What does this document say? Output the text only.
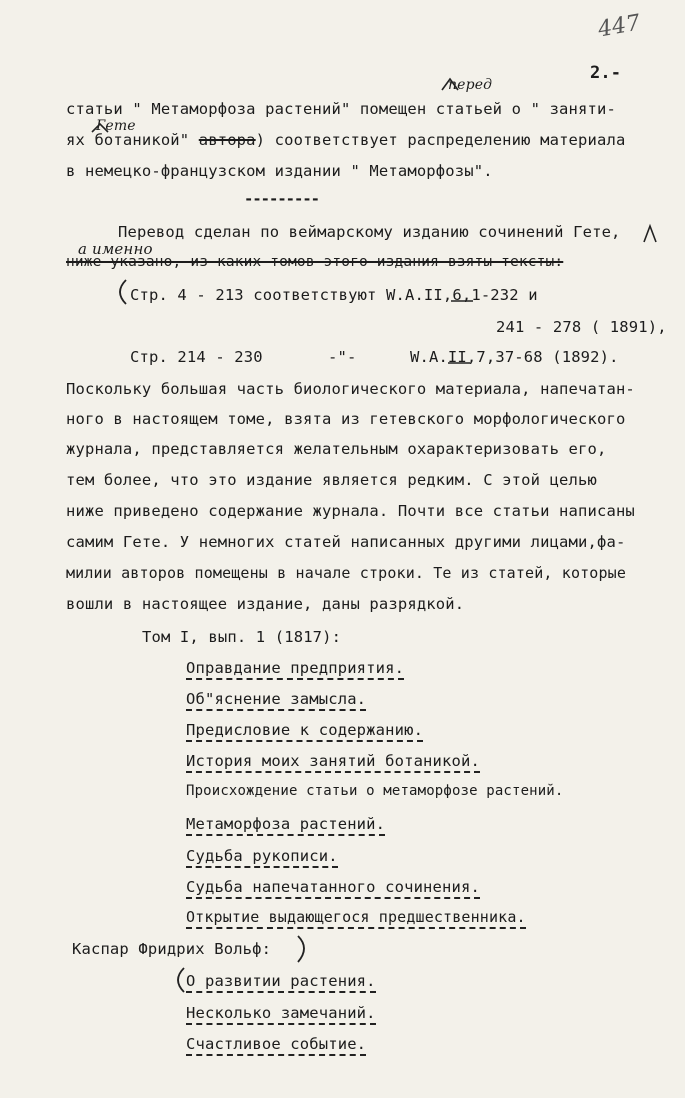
447
2.-
перед
Гете
а именно
статьи " Метаморфоза растений" помещен статьей о " заняти-
ях ботаникой" автора) соответствует распределению материала
в немецко-французском издании " Метаморфозы".
---------
Перевод сделан по веймарскому изданию сочинений Гете,
ниже указано, из каких томов этого издания взяты тексты:
Стр. 4 - 213 соответствуют W.A.II,6,1-232 и
241 - 278 ( 1891),
Стр. 214 - 230	-"-	W.A.II,7,37-68 (1892).
Поскольку большая часть биологического материала, напечатан-
ного в настоящем томе, взята из гетевского морфологического
журнала, представляется желательным охарактеризовать его,
тем более, что это издание является редким. С этой целью
ниже приведено содержание журнала. Почти все статьи написаны
самим Гете. У немногих статей написанных другими лицами,фа-
милии авторов помещены в начале строки. Те из статей, которые
вошли в настоящее издание, даны разрядкой.
Том I, вып. 1 (1817):
Оправдание предприятия.
Об"яснение замысла.
Предисловие к содержанию.
История моих занятий ботаникой.
Происхождение статьи о метаморфозе растений.
Метаморфоза растений.
Судьба рукописи.
Судьба напечатанного сочинения.
Открытие выдающегося предшественника.
Каспар Фридрих Вольф:
О развитии растения.
Несколько замечаний.
Счастливое событие.
